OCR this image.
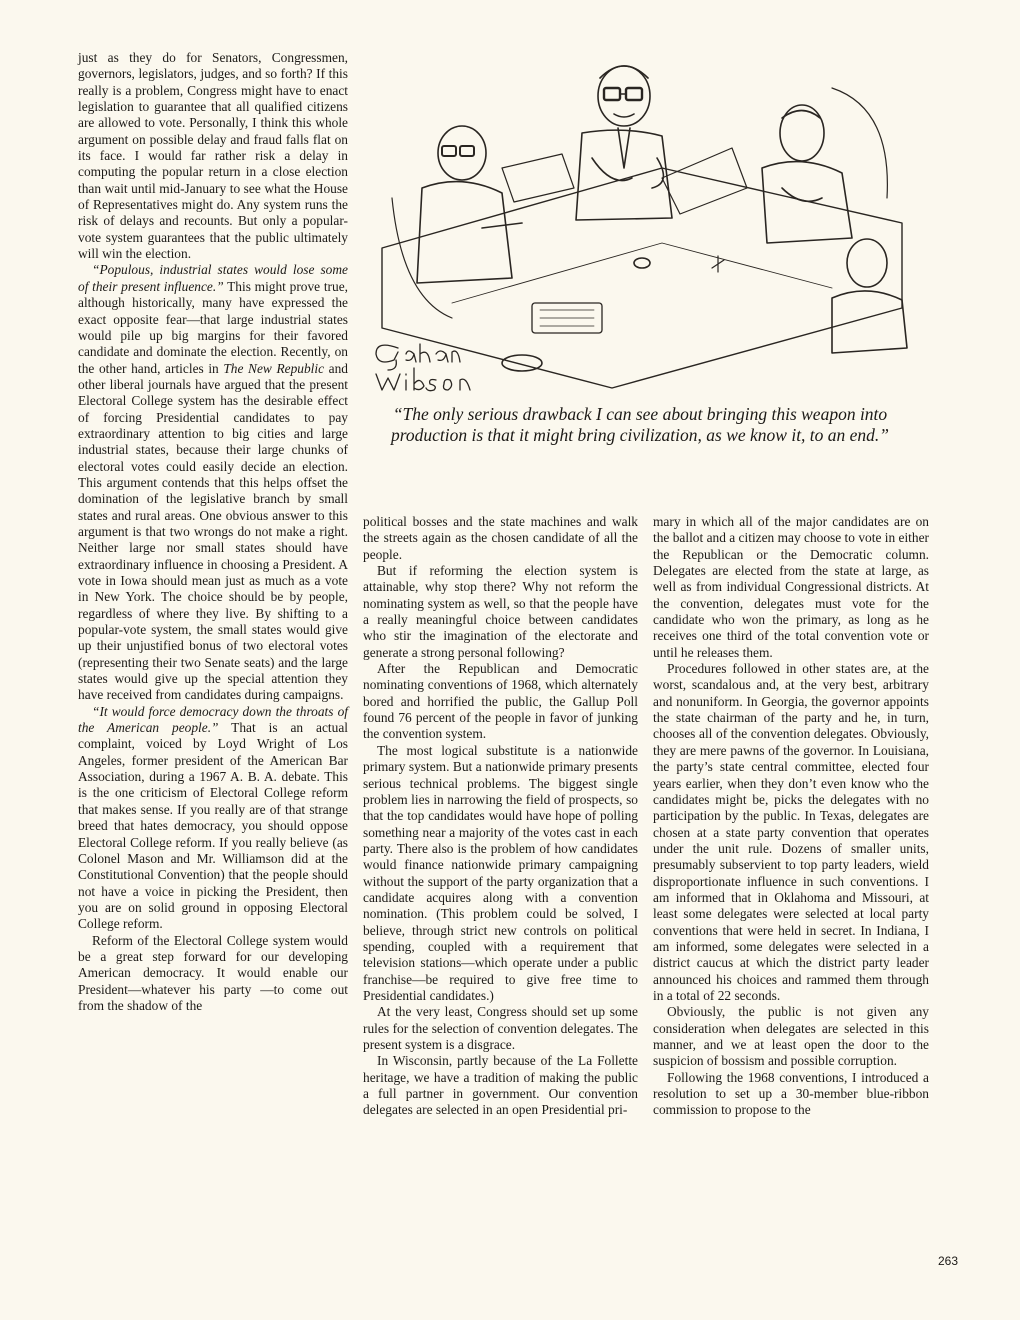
just as they do for Senators, Congressmen, governors, legislators, judges, and so forth? If this really is a problem, Congress might have to enact legislation to guarantee that all qualified citizens are allowed to vote. Personally, I think this whole argument on possible delay and fraud falls flat on its face. I would far rather risk a delay in computing the popular return in a close election than wait until mid-January to see what the House of Representatives might do. Any system runs the risk of delays and recounts. But only a popular-vote system guarantees that the public ultimately will win the election.

“Populous, industrial states would lose some of their present influence.” This might prove true, although historically, many have expressed the exact opposite fear—that large industrial states would pile up big margins for their favored candidate and dominate the election. Recently, on the other hand, articles in The New Republic and other liberal journals have argued that the present Electoral College system has the desirable effect of forcing Presidential candidates to pay extraordinary attention to big cities and large industrial states, because their large chunks of electoral votes could easily decide an election. This argument contends that this helps offset the domination of the legislative branch by small states and rural areas. One obvious answer to this argument is that two wrongs do not make a right. Neither large nor small states should have extraordinary influence in choosing a President. A vote in Iowa should mean just as much as a vote in New York. The choice should be by people, regardless of where they live. By shifting to a popular-vote system, the small states would give up their unjustified bonus of two electoral votes (representing their two Senate seats) and the large states would give up the special attention they have received from candidates during campaigns.

“It would force democracy down the throats of the American people.” That is an actual complaint, voiced by Loyd Wright of Los Angeles, former president of the American Bar Association, during a 1967 A. B. A. debate. This is the one criticism of Electoral College reform that makes sense. If you really are of that strange breed that hates democracy, you should oppose Electoral College reform. If you really believe (as Colonel Mason and Mr. Williamson did at the Constitutional Convention) that the people should not have a voice in picking the President, then you are on solid ground in opposing Electoral College reform.

Reform of the Electoral College system would be a great step forward for our developing American democracy. It would enable our President—whatever his party —to come out from the shadow of the

“The only serious drawback I can see about bringing this weapon into production is that it might bring civilization, as we know it, to an end.”

political bosses and the state machines and walk the streets again as the chosen candidate of all the people.

But if reforming the election system is attainable, why stop there? Why not reform the nominating system as well, so that the people have a really meaningful choice between candidates who stir the imagination of the electorate and generate a strong personal following?

After the Republican and Democratic nominating conventions of 1968, which alternately bored and horrified the public, the Gallup Poll found 76 percent of the people in favor of junking the convention system.

The most logical substitute is a nationwide primary system. But a nationwide primary presents serious technical problems. The biggest single problem lies in narrowing the field of prospects, so that the top candidates would have hope of polling something near a majority of the votes cast in each party. There also is the problem of how candidates would finance nationwide primary campaigning without the support of the party organization that a candidate acquires along with a convention nomination. (This problem could be solved, I believe, through strict new controls on political spending, coupled with a requirement that television stations—which operate under a public franchise—be required to give free time to Presidential candidates.)

At the very least, Congress should set up some rules for the selection of convention delegates. The present system is a disgrace.

In Wisconsin, partly because of the La Follette heritage, we have a tradition of making the public a full partner in government. Our convention delegates are selected in an open Presidential pri-

mary in which all of the major candidates are on the ballot and a citizen may choose to vote in either the Republican or the Democratic column. Delegates are elected from the state at large, as well as from individual Congressional districts. At the convention, delegates must vote for the candidate who won the primary, as long as he receives one third of the total convention vote or until he releases them.

Procedures followed in other states are, at the worst, scandalous and, at the very best, arbitrary and nonuniform. In Georgia, the governor appoints the state chairman of the party and he, in turn, chooses all of the convention delegates. Obviously, they are mere pawns of the governor. In Louisiana, the party’s state central committee, elected four years earlier, when they don’t even know who the candidates might be, picks the delegates with no participation by the public. In Texas, delegates are chosen at a state party convention that operates under the unit rule. Dozens of smaller units, presumably subservient to top party leaders, wield disproportionate influence in such conventions. I am informed that in Oklahoma and Missouri, at least some delegates were selected at local party conventions that were held in secret. In Indiana, I am informed, some delegates were selected in a district caucus at which the district party leader announced his choices and rammed them through in a total of 22 seconds.

Obviously, the public is not given any consideration when delegates are selected in this manner, and we at least open the door to the suspicion of bossism and possible corruption.

Following the 1968 conventions, I introduced a resolution to set up a 30-member blue-ribbon commission to propose to the

263
